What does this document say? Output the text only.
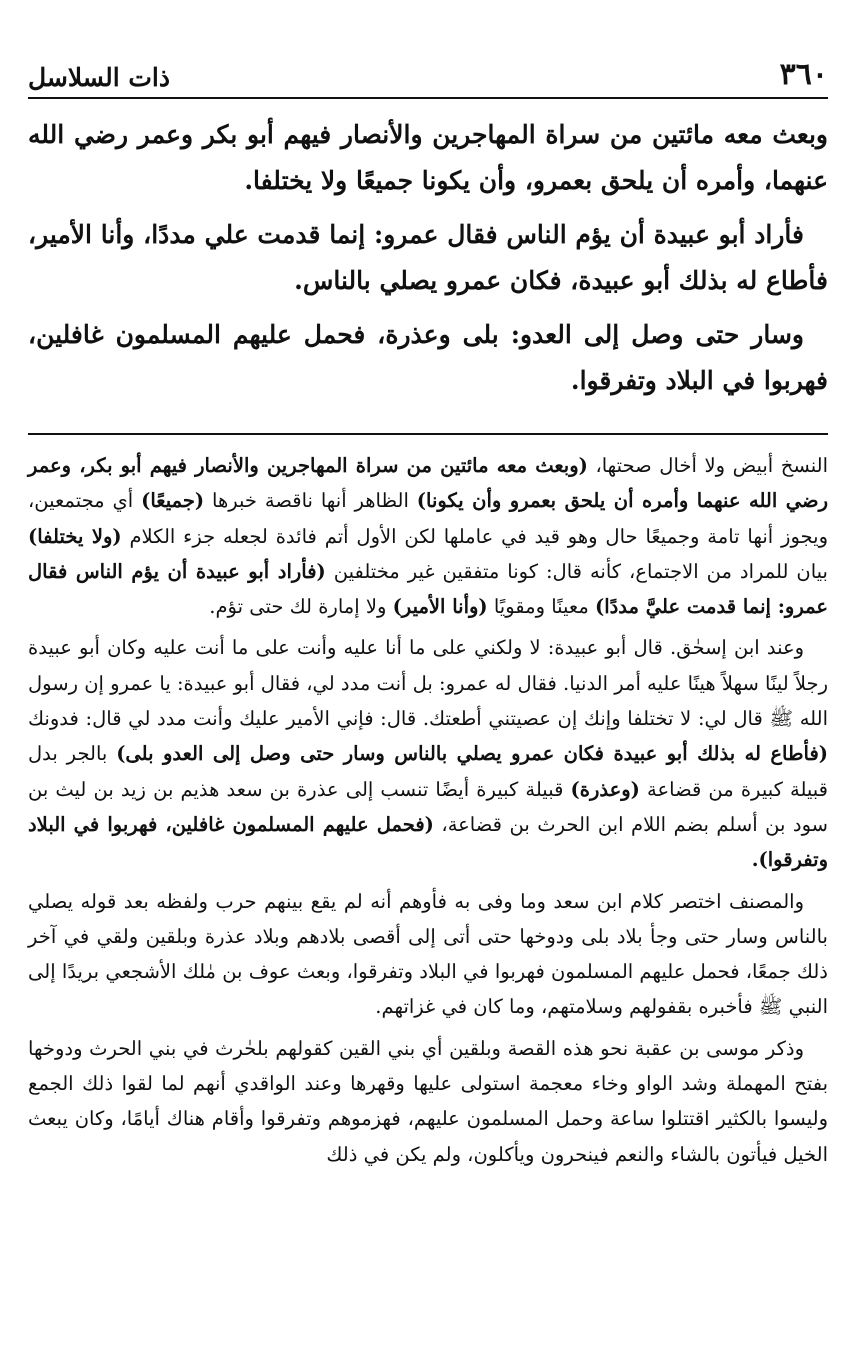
٣٦٠
ذات السلاسل

وبعث معه مائتين من سراة المهاجرين والأنصار فيهم أبو بكر وعمر رضي الله عنهما، وأمره أن يلحق بعمرو، وأن يكونا جميعًا ولا يختلفا.

فأراد أبو عبيدة أن يؤم الناس فقال عمرو: إنما قدمت علي مددًا، وأنا الأمير، فأطاع له بذلك أبو عبيدة، فكان عمرو يصلي بالناس.

وسار حتى وصل إلى العدو: بلى وعذرة، فحمل عليهم المسلمون غافلين، فهربوا في البلاد وتفرقوا.

النسخ أبيض ولا أخال صحتها، (وبعث معه مائتين من سراة المهاجرين والأنصار فيهم أبو بكر، وعمر رضي الله عنهما وأمره أن يلحق بعمرو وأن يكونا) الظاهر أنها ناقصة خبرها (جميعًا) أي مجتمعين، ويجوز أنها تامة وجميعًا حال وهو قيد في عاملها لكن الأول أتم فائدة لجعله جزء الكلام (ولا يختلفا) بيان للمراد من الاجتماع، كأنه قال: كونا متفقين غير مختلفين (فأراد أبو عبيدة أن يؤم الناس فقال عمرو: إنما قدمت عليَّ مددًا) معينًا ومقويًا (وأنا الأمير) ولا إمارة لك حتى تؤم.

وعند ابن إسحٰق. قال أبو عبيدة: لا ولكني على ما أنا عليه وأنت على ما أنت عليه وكان أبو عبيدة رجلاً لينًا سهلاً هينًا عليه أمر الدنيا. فقال له عمرو: بل أنت مدد لي، فقال أبو عبيدة: يا عمرو إن رسول الله ﷺ قال لي: لا تختلفا وإنك إن عصيتني أطعتك. قال: فإني الأمير عليك وأنت مدد لي قال: فدونك (فأطاع له بذلك أبو عبيدة فكان عمرو يصلي بالناس وسار حتى وصل إلى العدو بلى) بالجر بدل قبيلة كبيرة من قضاعة (وعذرة) قبيلة كبيرة أيضًا تنسب إلى عذرة بن سعد هذيم بن زيد بن ليث بن سود بن أسلم بضم اللام ابن الحرث بن قضاعة، (فحمل عليهم المسلمون غافلين، فهربوا في البلاد وتفرقوا).

والمصنف اختصر كلام ابن سعد وما وفى به فأوهم أنه لم يقع بينهم حرب ولفظه بعد قوله يصلي بالناس وسار حتى وجأ بلاد بلى ودوخها حتى أتى إلى أقصى بلادهم وبلاد عذرة وبلقين ولقي في آخر ذلك جمعًا، فحمل عليهم المسلمون فهربوا في البلاد وتفرقوا، وبعث عوف بن مٰلك الأشجعي بريدًا إلى النبي ﷺ فأخبره بقفولهم وسلامتهم، وما كان في غزاتهم.

وذكر موسى بن عقبة نحو هذه القصة وبلقين أي بني القين كقولهم بلحٰرث في بني الحرث ودوخها بفتح المهملة وشد الواو وخاء معجمة استولى عليها وقهرها وعند الواقدي أنهم لما لقوا ذلك الجمع وليسوا بالكثير اقتتلوا ساعة وحمل المسلمون عليهم، فهزموهم وتفرقوا وأقام هناك أيامًا، وكان يبعث الخيل فيأتون بالشاء والنعم فينحرون ويأكلون، ولم يكن في ذلك
